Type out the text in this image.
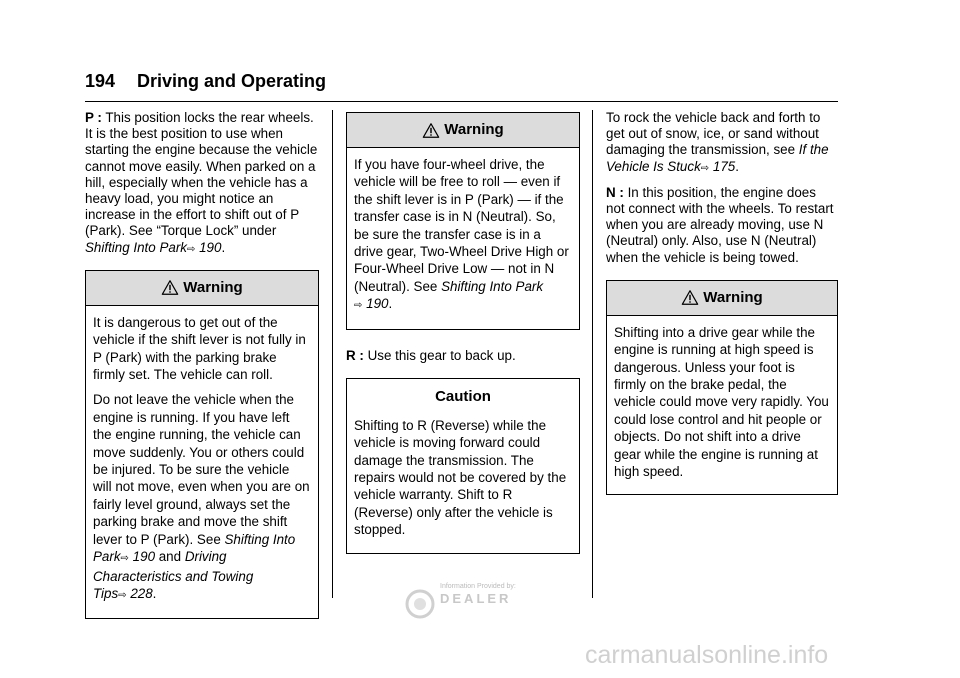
194 Driving and Operating

P : This position locks the rear wheels. It is the best position to use when starting the engine because the vehicle cannot move easily. When parked on a hill, especially when the vehicle has a heavy load, you might notice an increase in the effort to shift out of P (Park). See “Torque Lock” under Shifting Into Park⇨ 190.

Warning

It is dangerous to get out of the vehicle if the shift lever is not fully in P (Park) with the parking brake firmly set. The vehicle can roll.

Do not leave the vehicle when the engine is running. If you have left the engine running, the vehicle can move suddenly. You or others could be injured. To be sure the vehicle will not move, even when you are on fairly level ground, always set the parking brake and move the shift lever to P (Park). See Shifting Into Park⇨ 190 and Driving Characteristics and Towing Tips⇨ 228.

Warning

If you have four-wheel drive, the vehicle will be free to roll — even if the shift lever is in P (Park) — if the transfer case is in N (Neutral). So, be sure the transfer case is in a drive gear, Two-Wheel Drive High or Four-Wheel Drive Low — not in N (Neutral). See Shifting Into Park
⇨ 190.

R : Use this gear to back up.

Caution

Shifting to R (Reverse) while the vehicle is moving forward could damage the transmission. The repairs would not be covered by the vehicle warranty. Shift to R (Reverse) only after the vehicle is stopped.

To rock the vehicle back and forth to get out of snow, ice, or sand without damaging the transmission, see If the Vehicle Is Stuck⇨ 175.

N : In this position, the engine does not connect with the wheels. To restart when you are already moving, use N (Neutral) only. Also, use N (Neutral) when the vehicle is being towed.

Warning

Shifting into a drive gear while the engine is running at high speed is dangerous. Unless your foot is firmly on the brake pedal, the vehicle could move very rapidly. You could lose control and hit people or objects. Do not shift into a drive gear while the engine is running at high speed.

Information Provided by:
DEALER
carmanualsonline.info
